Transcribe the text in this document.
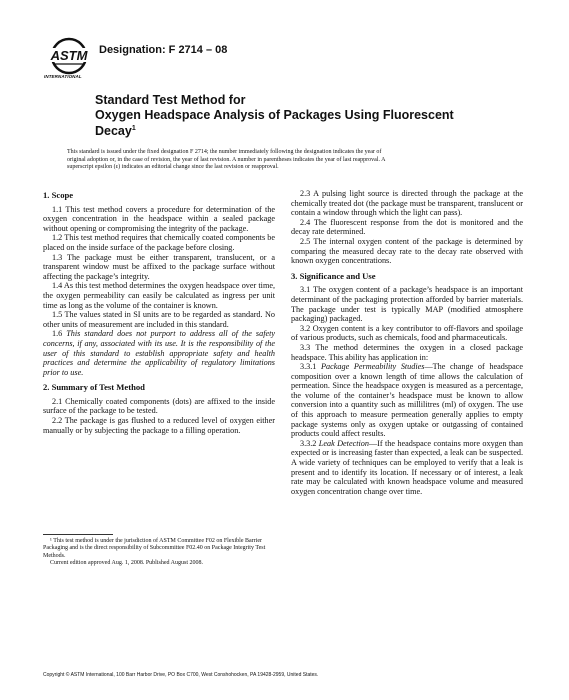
ASTM
INTERNATIONAL
Designation: F 2714 – 08
Standard Test Method for
Oxygen Headspace Analysis of Packages Using Fluorescent
Decay$^1$
This standard is issued under the fixed designation F 2714; the number immediately following the designation indicates the year of
original adoption or, in the case of revision, the year of last revision. A number in parentheses indicates the year of last reapproval. A
superscript epsilon (ε) indicates an editorial change since the last revision or reapproval.
1. Scope
1.1 This test method covers a procedure for determination of the oxygen concentration in the headspace within a sealed package without opening or compromising the integrity of the package.
1.2 This test method requires that chemically coated components be placed on the inside surface of the package before closing.
1.3 The package must be either transparent, translucent, or a transparent window must be affixed to the package surface without affecting the package’s integrity.
1.4 As this test method determines the oxygen headspace over time, the oxygen permeability can easily be calculated as ingress per unit time as long as the volume of the container is known.
1.5 The values stated in SI units are to be regarded as standard. No other units of measurement are included in this standard.
1.6 This standard does not purport to address all of the safety concerns, if any, associated with its use. It is the responsibility of the user of this standard to establish appropriate safety and health practices and determine the applicability of regulatory limitations prior to use.
2. Summary of Test Method
2.1 Chemically coated components (dots) are affixed to the inside surface of the package to be tested.
2.2 The package is gas flushed to a reduced level of oxygen either manually or by subjecting the package to a filling operation.
2.3 A pulsing light source is directed through the package at the chemically treated dot (the package must be transparent, translucent or contain a window through which the light can pass).
2.4 The fluorescent response from the dot is monitored and the decay rate determined.
2.5 The internal oxygen content of the package is determined by comparing the measured decay rate to the decay rate observed with known oxygen concentrations.
3. Significance and Use
3.1 The oxygen content of a package’s headspace is an important determinant of the packaging protection afforded by barrier materials. The package under test is typically MAP (modified atmosphere packaging) packaged.
3.2 Oxygen content is a key contributor to off-flavors and spoilage of various products, such as chemicals, food and pharmaceuticals.
3.3 The method determines the oxygen in a closed package headspace. This ability has application in:
3.3.1 Package Permeability Studies—The change of headspace composition over a known length of time allows the calculation of permeation. Since the headspace oxygen is measured as a percentage, the volume of the container’s headspace must be known to allow conversion into a quantity such as millilitres (ml) of oxygen. The use of this approach to measure permeation generally applies to empty package systems only as oxygen uptake or outgassing of contained products could affect results.
3.3.2 Leak Detection—If the headspace contains more oxygen than expected or is increasing faster than expected, a leak can be suspected. A wide variety of techniques can be employed to verify that a leak is present and to identify its location. If necessary or of interest, a leak rate may be calculated with known headspace volume and measured oxygen concentration change over time.
¹ This test method is under the jurisdiction of ASTM Committee F02 on Flexible Barrier Packaging and is the direct responsibility of Subcommittee F02.40 on Package Integrity Test Methods.
Current edition approved Aug. 1, 2008. Published August 2008.
Copyright © ASTM International, 100 Barr Harbor Drive, PO Box C700, West Conshohocken, PA 19428-2959, United States.
